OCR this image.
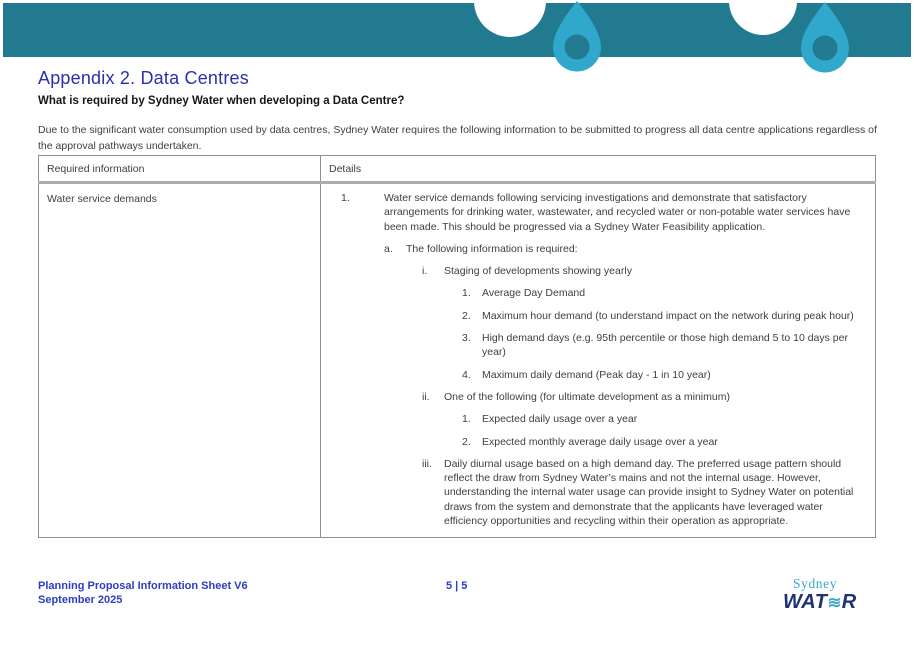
Appendix 2. Data Centres
What is required by Sydney Water when developing a Data Centre?

Due to the significant water consumption used by data centres, Sydney Water requires the following information to be submitted to progress all data centre applications regardless of the approval pathways undertaken.

Required information	Details
Water service demands	1.	Water service demands following servicing investigations and demonstrate that satisfactory arrangements for drinking water, wastewater, and recycled water or non-potable water services have been made. This should be progressed via a Sydney Water Feasibility application.
a.	The following information is required:
i.	Staging of developments showing yearly
1.	Average Day Demand
2.	Maximum hour demand (to understand impact on the network during peak hour)
3.	High demand days (e.g. 95th percentile or those high demand 5 to 10 days per year)
4.	Maximum daily demand (Peak day - 1 in 10 year)
ii.	One of the following (for ultimate development as a minimum)
1.	Expected daily usage over a year
2.	Expected monthly average daily usage over a year
iii.	Daily diurnal usage based on a high demand day. The preferred usage pattern should reflect the draw from Sydney Water’s mains and not the internal usage. However, understanding the internal water usage can provide insight to Sydney Water on potential draws from the system and demonstrate that the applicants have leveraged water efficiency opportunities and recycling within their operation as appropriate.
Planning Proposal Information Sheet V6
September 2025
5 | 5	Sydney
WAT≋R
